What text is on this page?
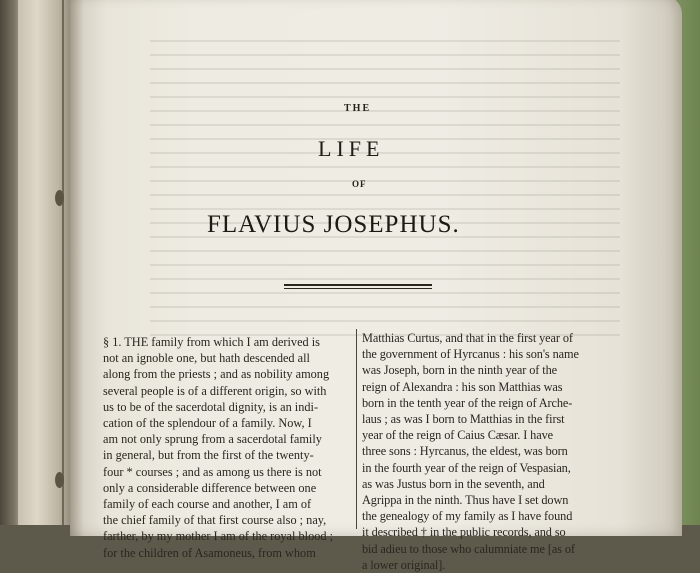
THE
LIFE
OF
FLAVIUS JOSEPHUS.
§ 1. THE family from which I am derived is
not an ignoble one, but hath descended all
along from the priests ; and as nobility among
several people is of a different origin, so with
us to be of the sacerdotal dignity, is an indi-
cation of the splendour of a family. Now, I
am not only sprung from a sacerdotal family
in general, but from the first of the twenty-
four * courses ; and as among us there is not
only a considerable difference between one
family of each course and another, I am of
the chief family of that first course also ; nay,
farther, by my mother I am of the royal blood ;
for the children of Asamoneus, from whom
Matthias Curtus, and that in the first year of
the government of Hyrcanus : his son's name
was Joseph, born in the ninth year of the
reign of Alexandra : his son Matthias was
born in the tenth year of the reign of Arche-
laus ; as was I born to Matthias in the first
year of the reign of Caius Cæsar. I have
three sons : Hyrcanus, the eldest, was born
in the fourth year of the reign of Vespasian,
as was Justus born in the seventh, and
Agrippa in the ninth. Thus have I set down
the genealogy of my family as I have found
it described † in the public records, and so
bid adieu to those who calumniate me [as of
a lower original].
